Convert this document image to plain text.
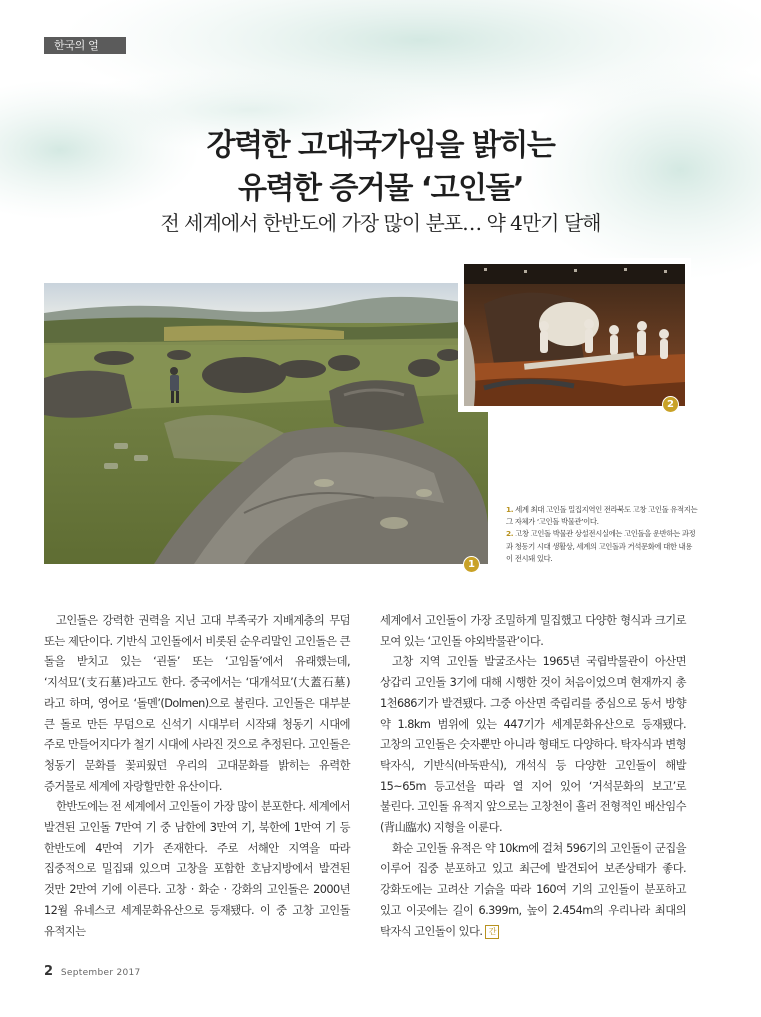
한국의 얼
강력한 고대국가임을 밝히는
유력한 증거물 ‘고인돌’
전 세계에서 한반도에 가장 많이 분포… 약 4만기 달해
1
2
1. 세계 최대 고인돌 밀집지역인 전라북도 고창 고인돌 유적지는 그 자체가 ‘고인돌 박물관’이다.
2. 고창 고인돌 박물관 상설전시실에는 고인돌을 운반하는 과정과 청동기 시대 생활상, 세계의 고인돌과 거석문화에 대한 내용이 전시돼 있다.

고인돌은 강력한 권력을 지닌 고대 부족국가 지배계층의 무덤 또는 제단이다. 기반식 고인돌에서 비롯된 순우리말인 고인돌은 큰 돌을 받치고 있는 ‘괸돌’ 또는 ‘고임돌’에서 유래했는데, ‘지석묘’(支石墓)라고도 한다. 중국에서는 ‘대개석묘’(大蓋石墓)라고 하며, 영어로 ‘돌멘’(Dolmen)으로 불린다. 고인돌은 대부분 큰 돌로 만든 무덤으로 신석기 시대부터 시작돼 청동기 시대에 주로 만들어지다가 철기 시대에 사라진 것으로 추정된다. 고인돌은 청동기 문화를 꽃피웠던 우리의 고대문화를 밝히는 유력한 증거물로 세계에 자랑할만한 유산이다.

한반도에는 전 세계에서 고인돌이 가장 많이 분포한다. 세계에서 발견된 고인돌 7만여 기 중 남한에 3만여 기, 북한에 1만여 기 등 한반도에 4만여 기가 존재한다. 주로 서해안 지역을 따라 집중적으로 밀집돼 있으며 고창을 포함한 호남지방에서 발견된 것만 2만여 기에 이른다. 고창 · 화순 · 강화의 고인돌은 2000년 12월 유네스코 세계문화유산으로 등재됐다. 이 중 고창 고인돌 유적지는

세계에서 고인돌이 가장 조밀하게 밀집했고 다양한 형식과 크기로 모여 있는 ‘고인돌 야외박물관’이다.

고창 지역 고인돌 발굴조사는 1965년 국립박물관이 아산면 상갑리 고인돌 3기에 대해 시행한 것이 처음이었으며 현재까지 총 1천686기가 발견됐다. 그중 아산면 죽림리를 중심으로 동서 방향 약 1.8km 범위에 있는 447기가 세계문화유산으로 등재됐다. 고창의 고인돌은 숫자뿐만 아니라 형태도 다양하다. 탁자식과 변형 탁자식, 기반식(바둑판식), 개석식 등 다양한 고인돌이 해발 15~65m 등고선을 따라 열 지어 있어 ‘거석문화의 보고’로 불린다. 고인돌 유적지 앞으로는 고창천이 흘러 전형적인 배산임수(背山臨水) 지형을 이룬다.

화순 고인돌 유적은 약 10km에 걸쳐 596기의 고인돌이 군집을 이루어 집중 분포하고 있고 최근에 발견되어 보존상태가 좋다. 강화도에는 고려산 기슭을 따라 160여 기의 고인돌이 분포하고 있고 이곳에는 길이 6.399m, 높이 2.454m의 우리나라 최대의 탁자식 고인돌이 있다. 간

2 September 2017
